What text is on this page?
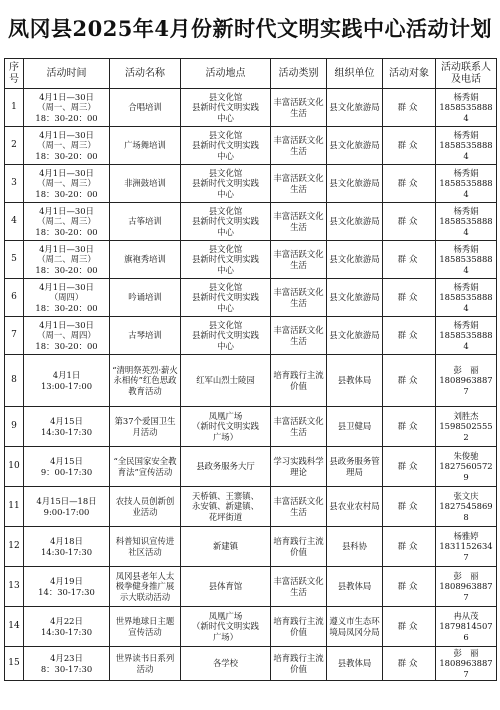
凤冈县2025年4月份新时代文明实践中心活动计划
序号	活动时间	活动名称	活动地点	活动类别	组织单位	活动对象	活动联系人及电话
1	4月1日—30日
（周一、周三）
18：30-20：00	合唱培训	县文化馆
县新时代文明实践
中心	丰富活跃文化生活	县文化旅游局	群众	杨秀娟
18585358884

2	4月1日—30日
（周一、周三）
18：30-20：00	广场舞培训	县文化馆
县新时代文明实践
中心	丰富活跃文化生活	县文化旅游局	群众	杨秀娟
18585358884

3	4月1日—30日
（周一、周三）
18：30-20：00	非洲鼓培训	县文化馆
县新时代文明实践
中心	丰富活跃文化生活	县文化旅游局	群众	杨秀娟
18585358884

4	4月1日—30日
（周二、周三）
18：30-20：00	古筝培训	县文化馆
县新时代文明实践
中心	丰富活跃文化生活	县文化旅游局	群众	杨秀娟
18585358884

5	4月1日—30日
（周二、周三）
18：30-20：00	旗袍秀培训	县文化馆
县新时代文明实践
中心	丰富活跃文化生活	县文化旅游局	群众	杨秀娟
18585358884

6	4月1日—30日
（周四）
18：30-20：00	吟诵培训	县文化馆
县新时代文明实践
中心	丰富活跃文化生活	县文化旅游局	群众	杨秀娟
18585358884

7	4月1日—30日
（周一、周四）
18：30-20：00	古琴培训	县文化馆
县新时代文明实践
中心	丰富活跃文化生活	县文化旅游局	群众	杨秀娟
18585358884

8	4月1日
13:00-17:00	“清明祭英烈·薪火永相传”红色思政教育活动	红军山烈士陵园	培育践行主流价值	县教体局	群众	彭　丽
18089638877

9	4月15日
14:30-17:30	第37个爱国卫生月活动	凤凰广场
（新时代文明实践
广场）	丰富活跃文化生活	县卫健局	群众	刘胜杰
15985025552

10	4月15日
9：00-17:30	“全民国家安全教育法”宣传活动	县政务服务大厅	学习实践科学理论	县政务服务管理局	群众	朱俊驰
18275605729

11	4月15日—18日
9:00-17:00	农技人员创新创业活动	天桥镇、王寨镇、
永安镇、新建镇、
花坪街道	丰富活跃文化生活	县农业农村局	群众	张文庆
18275458698

12	4月18日
14:30-17:30	科普知识宣传进社区活动	新建镇	培育践行主流价值	县科协	群众	杨雅婷
18311526347

13	4月19日
14：30-17:30	凤冈县老年人太极拳健身推广展示大联动活动	县体育馆	丰富活跃文化生活	县教体局	群众	彭　丽
18089638877

14	4月22日
14:30-17:30	世界地球日主题宣传活动	凤凰广场
（新时代文明实践
广场）	培育践行主流价值	遵义市生态环境局凤冈分局	群众	冉从茂
18798145076

15	4月23日
8：30-17:30	世界读书日系列活动	各学校	培育践行主流价值	县教体局	群众	彭　丽
18089638877
